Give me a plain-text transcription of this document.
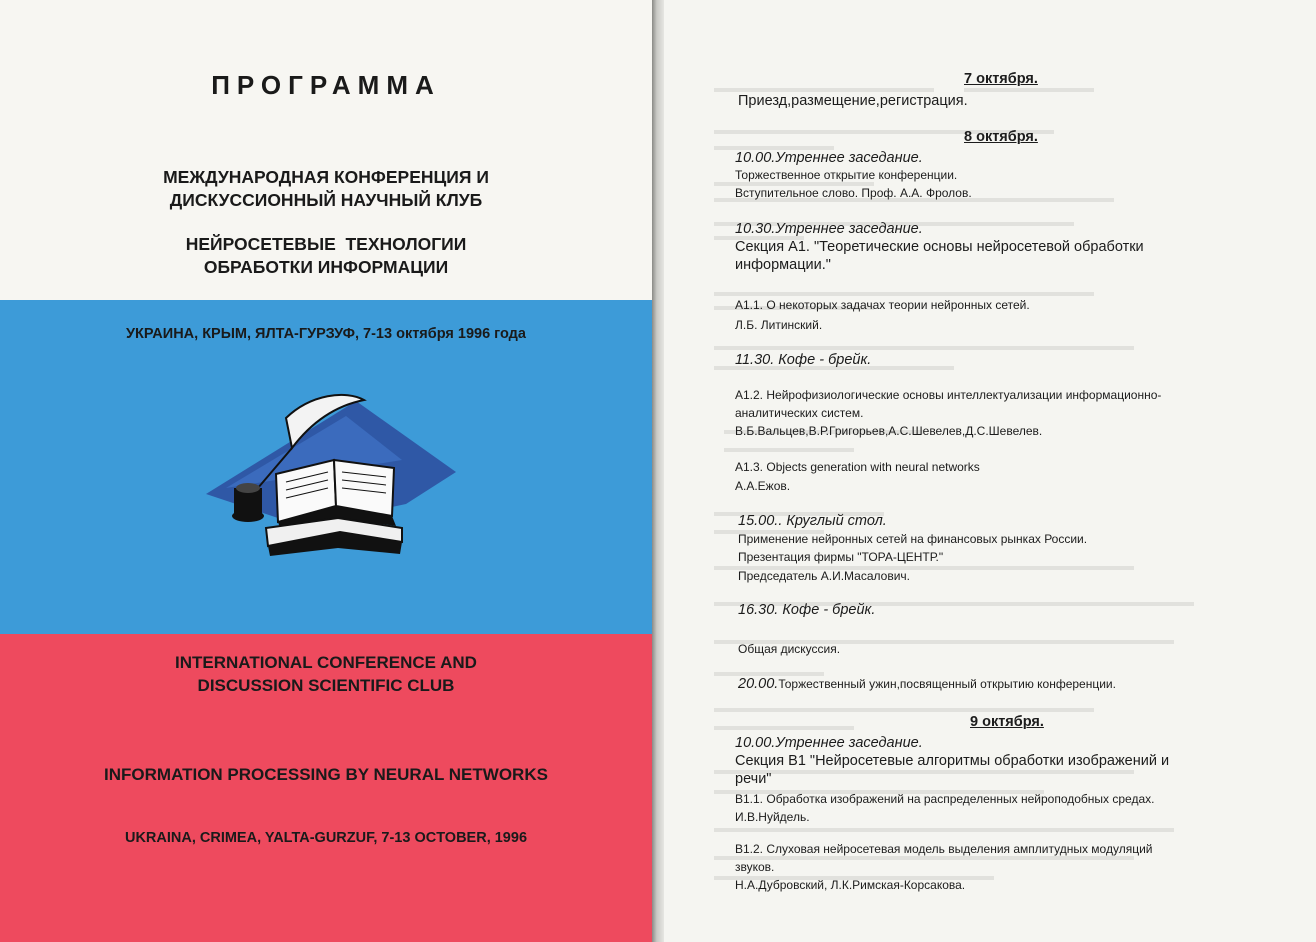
ПРОГРАММА

МЕЖДУНАРОДНАЯ КОНФЕРЕНЦИЯ И
ДИСКУССИОННЫЙ НАУЧНЫЙ КЛУБ
НЕЙРОСЕТЕВЫЕ  ТЕХНОЛОГИИ
ОБРАБОТКИ ИНФОРМАЦИИ

УКРАИНА, КРЫМ, ЯЛТА-ГУРЗУФ, 7-13 октября 1996 года

INTERNATIONAL CONFERENCE AND
DISCUSSION SCIENTIFIC CLUB

INFORMATION PROCESSING BY NEURAL NETWORKS

UKRAINA, CRIMEA, YALTA-GURZUF, 7-13 OCTOBER, 1996

7 октября.

Приезд,размещение,регистрация.

8 октября.

10.00.Утреннее заседание.

Торжественное открытие конференции.

Вступительное слово. Проф. А.А. Фролов.

10.30.Утреннее заседание.

Секция А1. "Теоретические основы нейросетевой обработки

информации."

А1.1. О некоторых задачах теории нейронных сетей.

Л.Б. Литинский.

11.30. Кофе - брейк.

А1.2. Нейрофизиологические основы интеллектуализации информационно-

аналитических систем.

В.Б.Вальцев,В.Р.Григорьев,А.С.Шевелев,Д.С.Шевелев.

А1.3. Objects generation with neural networks

А.А.Ежов.

15.00.. Круглый стол.

Применение нейронных сетей на финансовых рынках России.

Презентация фирмы "ТОРА-ЦЕНТР."

Председатель А.И.Масалович.

16.30. Кофе - брейк.

Общая дискуссия.

20.00.Торжественный ужин,посвященный открытию конференции.

9 октября.

10.00.Утреннее заседание.

Секция В1 "Нейросетевые алгоритмы обработки изображений и

речи"

В1.1. Обработка изображений на распределенных нейроподобных средах.

И.В.Нуйдель.

В1.2. Слуховая нейросетевая модель выделения амплитудных модуляций

звуков.

Н.А.Дубровский, Л.К.Римская-Корсакова.
